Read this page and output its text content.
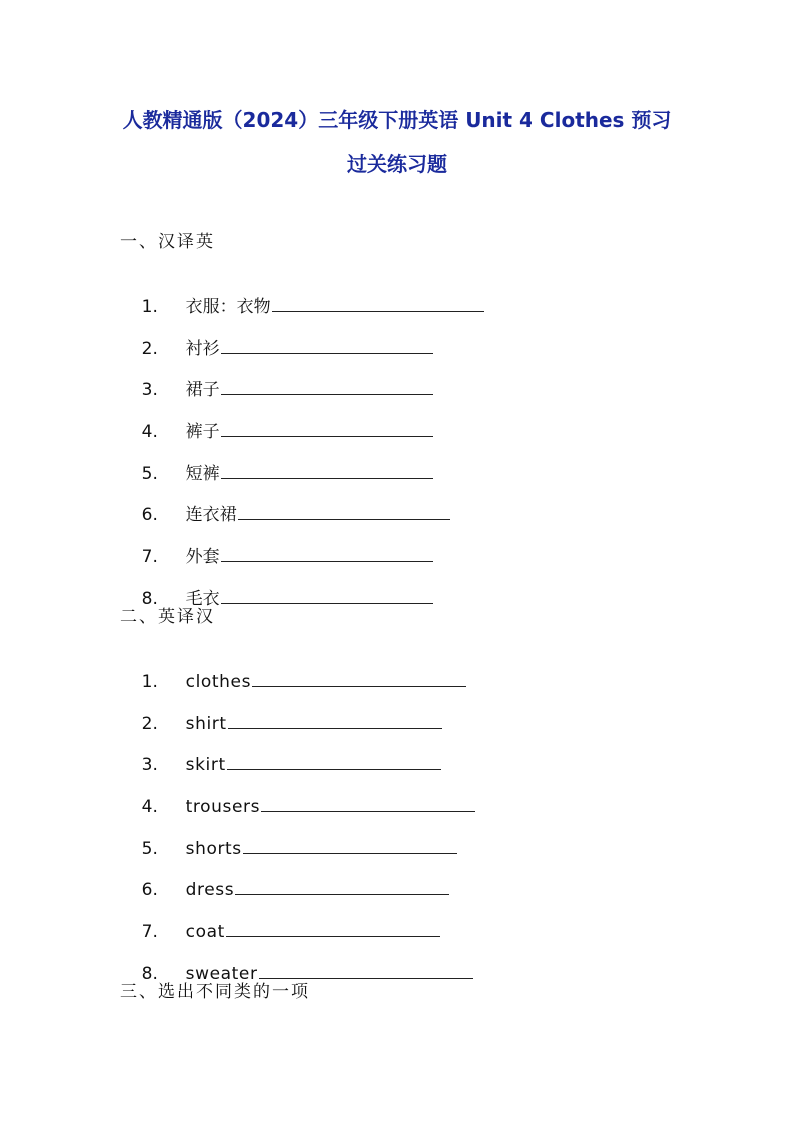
人教精通版（2024）三年级下册英语 Unit 4 Clothes 预习
过关练习题
一、汉译英

1. 衣服：衣物

2. 衬衫

3. 裙子

4. 裤子

5. 短裤

6. 连衣裙

7. 外套

8. 毛衣

二、英译汉

1. clothes

2. shirt

3. skirt

4. trousers

5. shorts

6. dress

7. coat

8. sweater

三、选出不同类的一项
